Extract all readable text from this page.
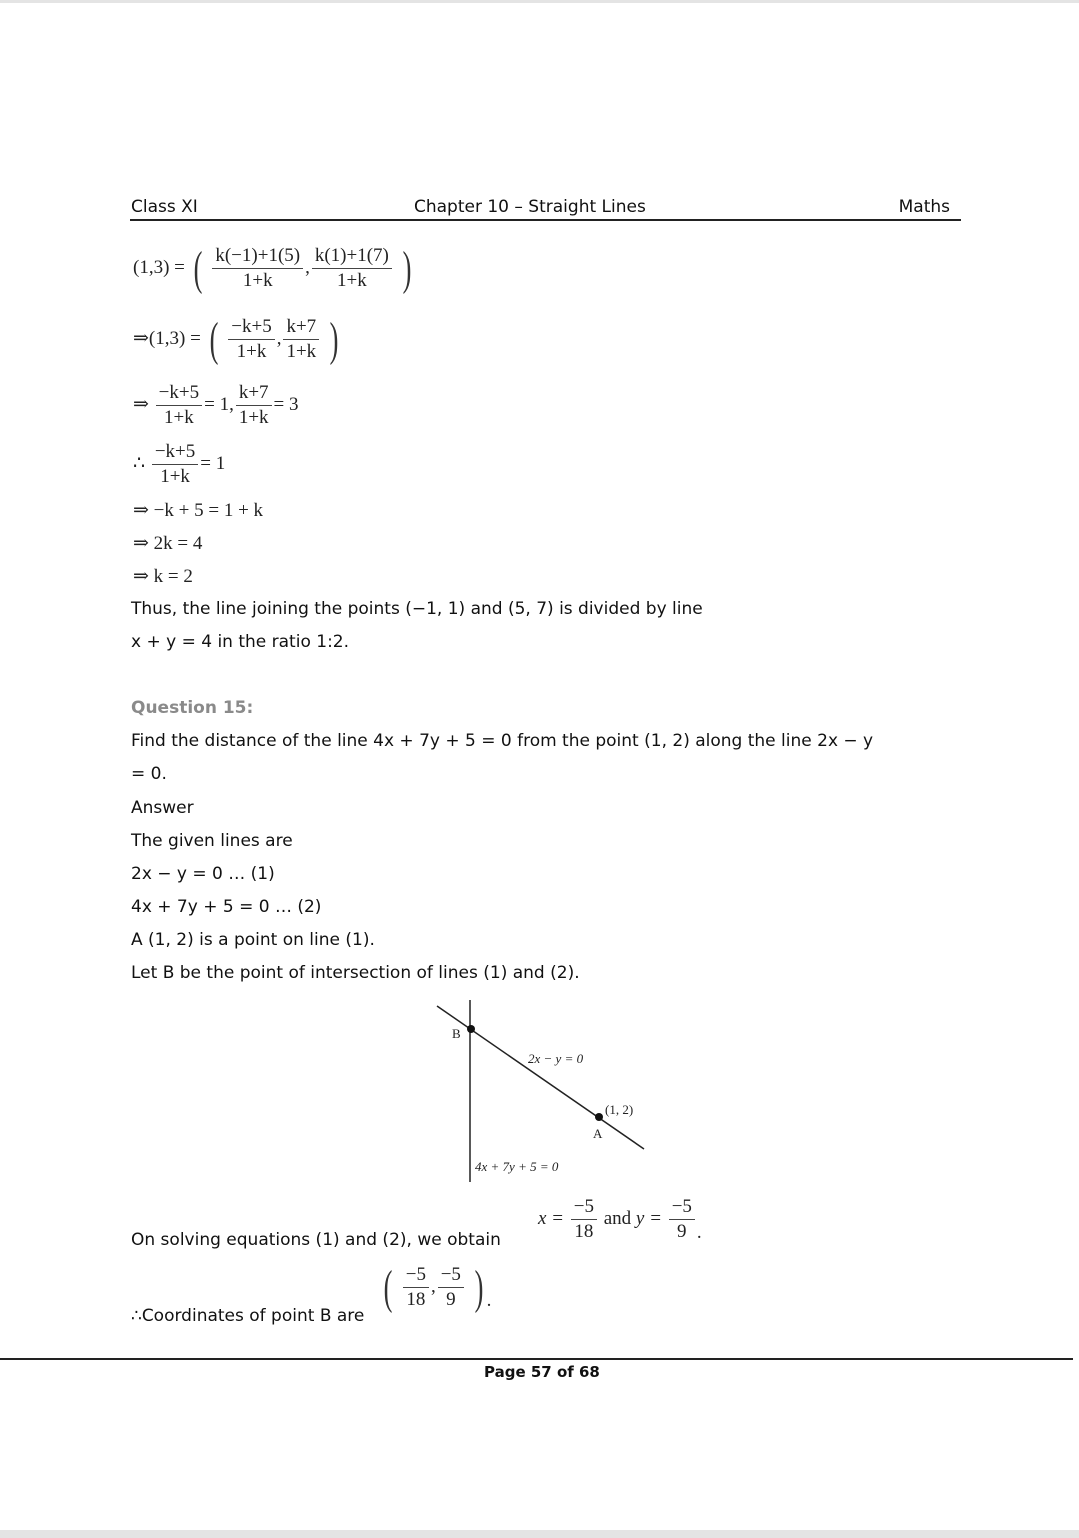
Class XI	Chapter 10 – Straight Lines	Maths
(1,3) = ( $\frac{k(-1)+1(5)}{1+k}$ , $\frac{k(1)+1(7)}{1+k}$ )
⇒(1,3) = ( $\frac{-k+5}{1+k}$ , $\frac{k+7}{1+k}$ )
⇒ $\frac{-k+5}{1+k} = 1$, $\frac{k+7}{1+k} = 3$
∴ $\frac{-k+5}{1+k} = 1$
⇒ −k + 5 = 1 + k
⇒ 2k = 4
⇒ k = 2
Thus, the line joining the points (−1, 1) and (5, 7) is divided by line
x + y = 4 in the ratio 1:2.
Question 15:
Find the distance of the line 4x + 7y + 5 = 0 from the point (1, 2) along the line 2x − y
= 0.
Answer
The given lines are
2x − y = 0 … (1)
4x + 7y + 5 = 0 … (2)
A (1, 2) is a point on line (1).
Let B be the point of intersection of lines (1) and (2).
B
A
(1, 2)
2x − y = 0
4x + 7y + 5 = 0
On solving equations (1) and (2), we obtain
$x = \frac{-5}{18}$ and $y = \frac{-5}{9}$ .
∴Coordinates of point B are
( $\frac{-5}{18}$ , $\frac{-5}{9}$ ) .
Page 57 of 68
